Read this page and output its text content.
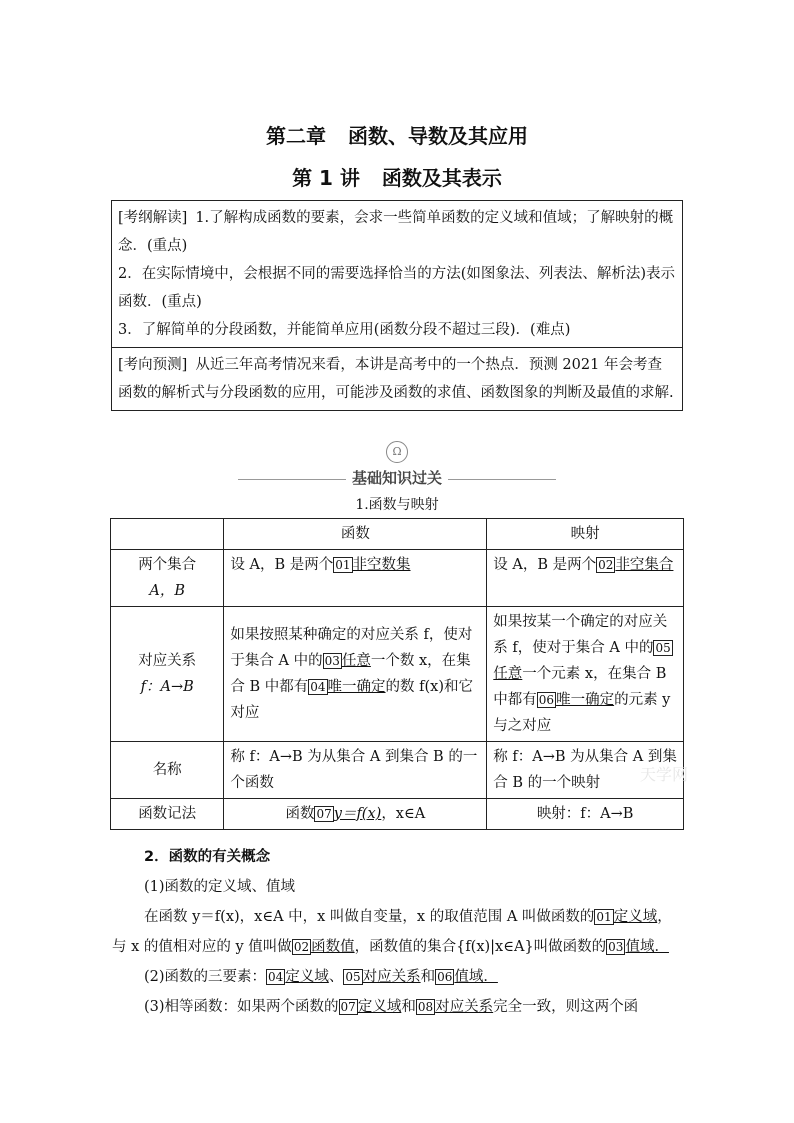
第二章 函数、导数及其应用
第 1 讲 函数及其表示

[考纲解读] 1.了解构成函数的要素，会求一些简单函数的定义域和值域；了解映射的概念．(重点)

2．在实际情境中，会根据不同的需要选择恰当的方法(如图象法、列表法、解析法)表示函数．(重点)

3．了解简单的分段函数，并能简单应用(函数分段不超过三段)．(难点)

[考向预测] 从近三年高考情况来看，本讲是高考中的一个热点．预测 2021 年会考查函数的解析式与分段函数的应用，可能涉及函数的求值、函数图象的判断及最值的求解.

Ω
基础知识过关
1.函数与映射
	函数	映射
两个集合
A，B	设 A，B 是两个 01 非空数集	设 A，B 是两个 02 非空集合
对应关系
f：A→B	如果按照某种确定的对应关系 f，使对于集合 A 中的 03 任意一个数 x，在集合 B 中都有 04 唯一确定的数 f(x)和它对应	如果按某一个确定的对应关系 f，使对于集合 A 中的 05任意一个元素 x，在集合 B 中都有 06 唯一确定的元素 y 与之对应
名称	称 f：A→B 为从集合 A 到集合 B 的一个函数	称 f：A→B 为从集合 A 到集合 B 的一个映射
函数记法	函数 07 y＝f(x)，x∈A	映射：f：A→B
天学网

2．函数的有关概念

(1)函数的定义域、值域

在函数 y＝f(x)，x∈A 中，x 叫做自变量，x 的取值范围 A 叫做函数的 01 定义域，与 x 的值相对应的 y 值叫做 02 函数值，函数值的集合{f(x)|x∈A}叫做函数的 03 值域．

(2)函数的三要素： 04 定义域、 05 对应关系和 06 值域．

(3)相等函数：如果两个函数的 07 定义域和 08 对应关系完全一致，则这两个函
